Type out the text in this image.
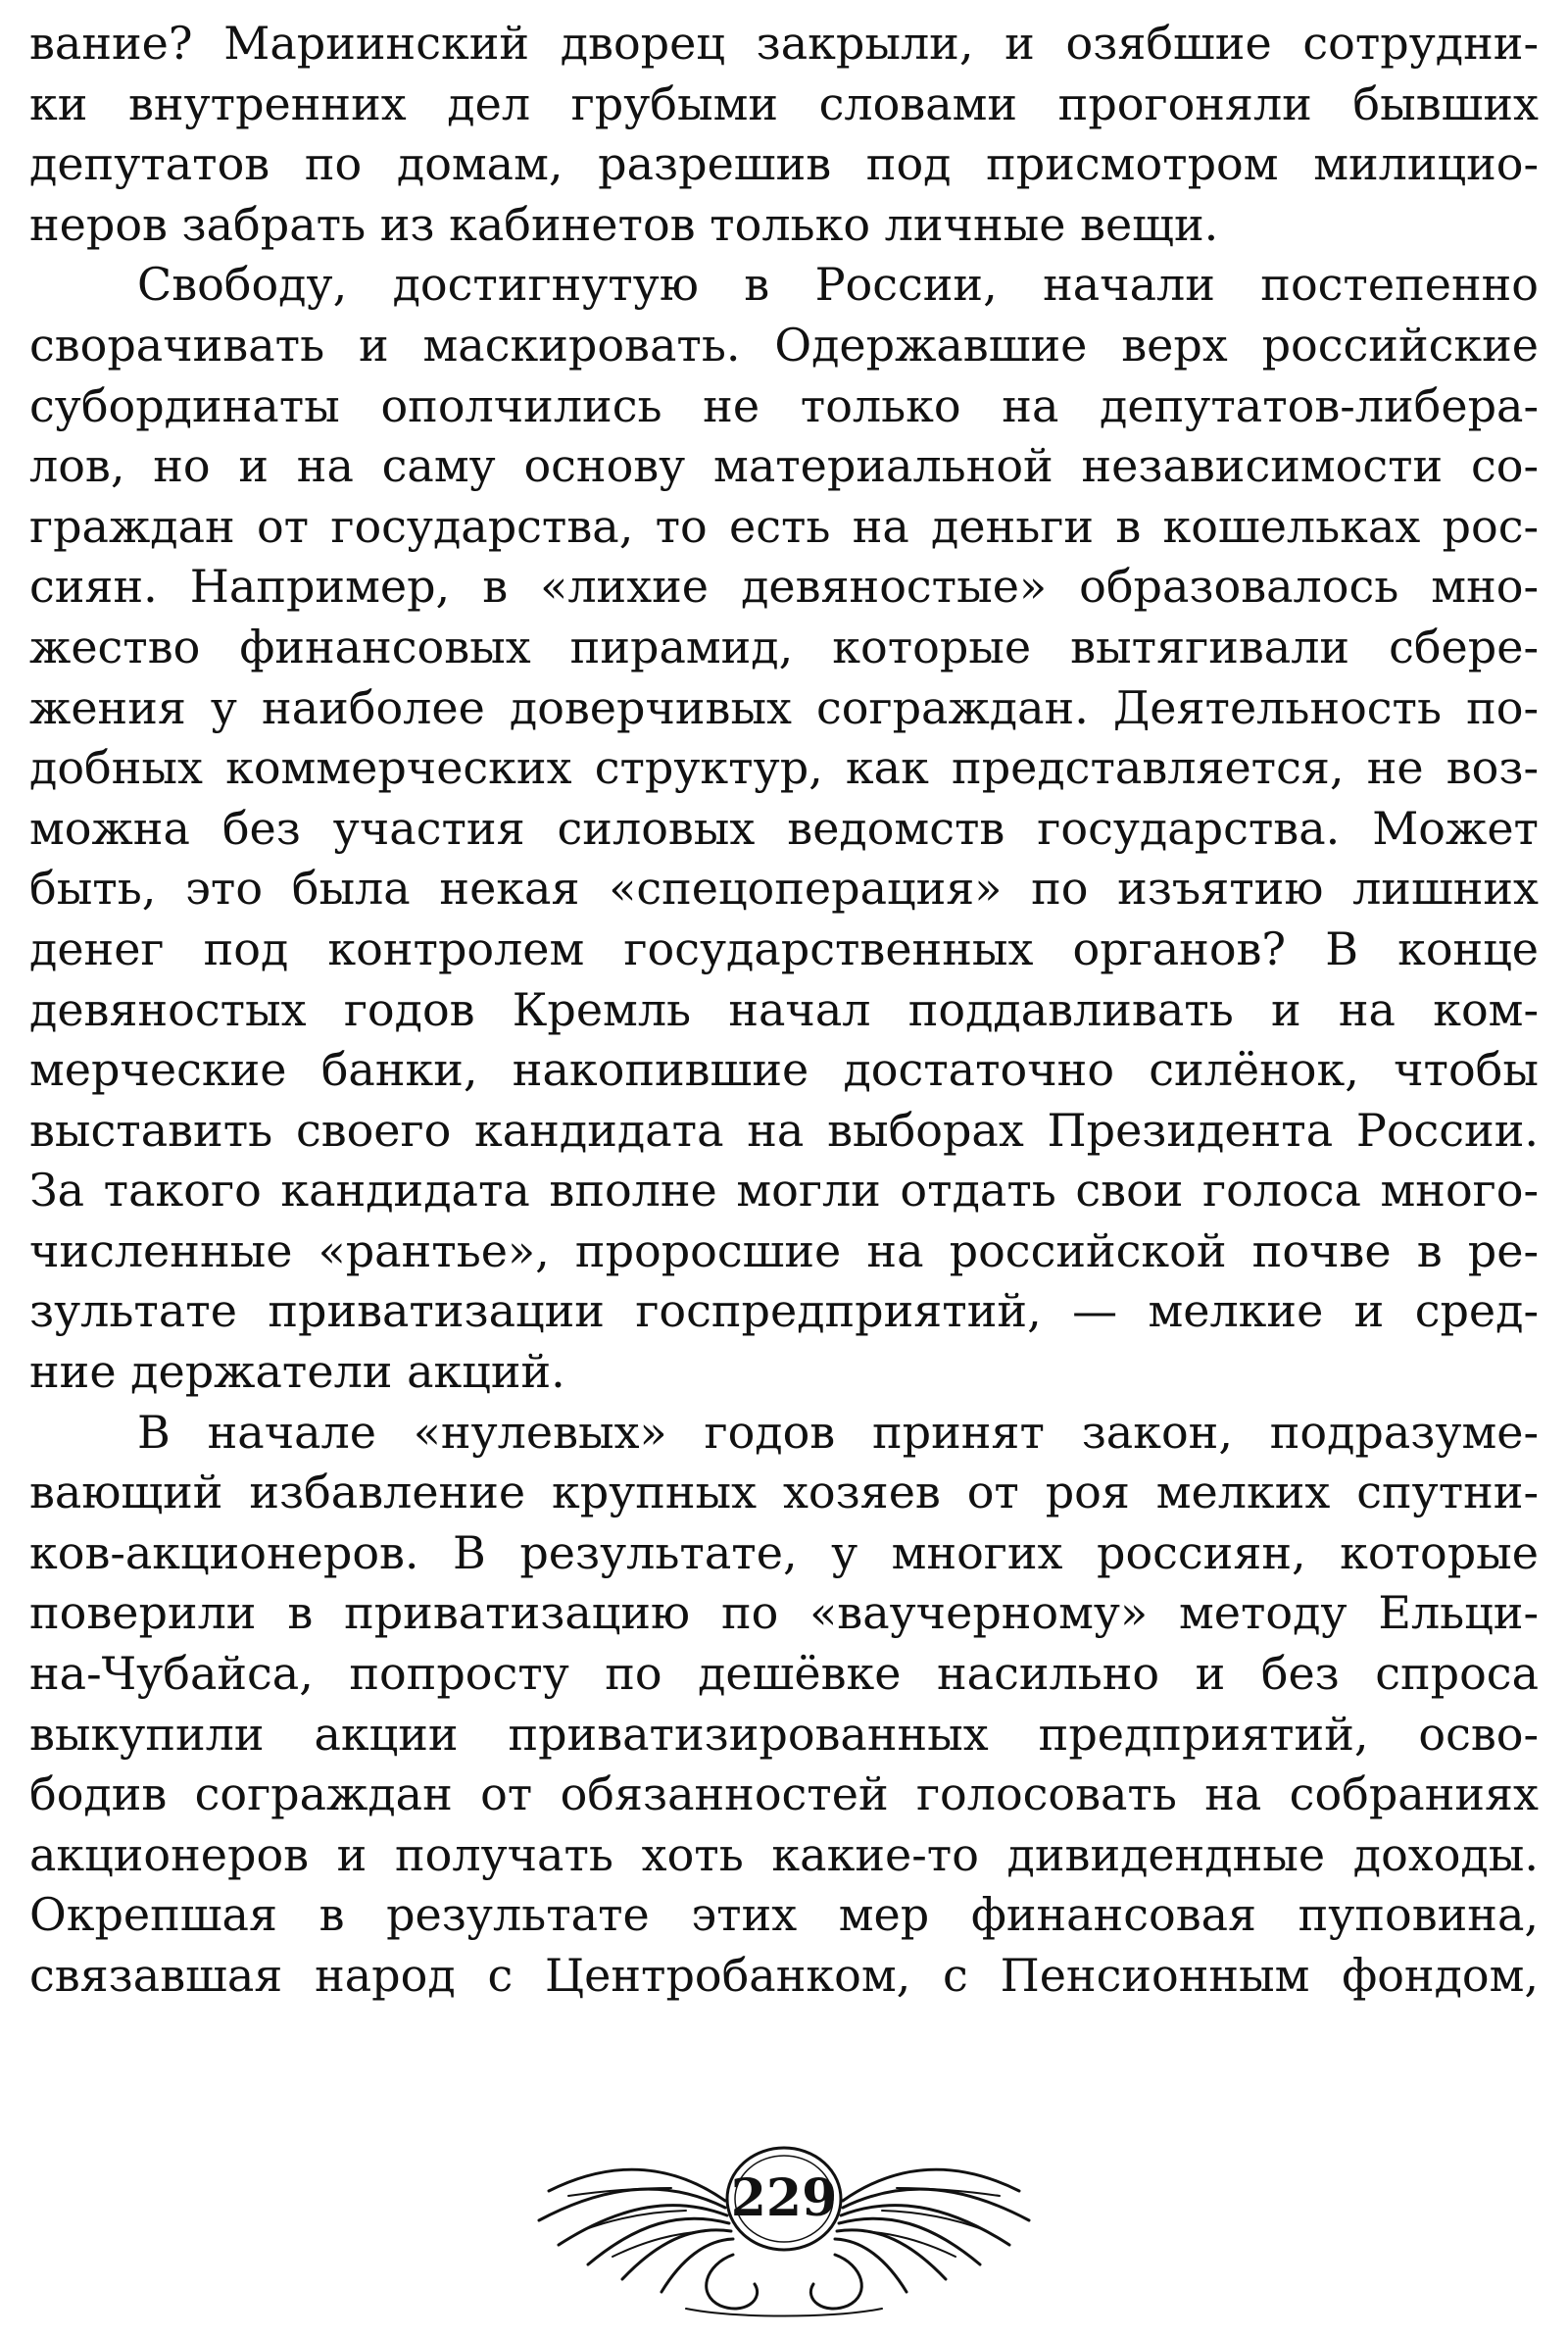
вание? Мариинский дворец закрыли, и озябшие сотрудни-
ки внутренних дел грубыми словами прогоняли бывших
депутатов по домам, разрешив под присмотром милицио-
неров забрать из кабинетов только личные вещи.
Свободу, достигнутую в России, начали постепенно
сворачивать и маскировать. Одержавшие верх российские
субординаты ополчились не только на депутатов-либера-
лов, но и на саму основу материальной независимости со-
граждан от государства, то есть на деньги в кошельках рос-
сиян. Например, в «лихие девяностые» образовалось мно-
жество финансовых пирамид, которые вытягивали сбере-
жения у наиболее доверчивых сограждан. Деятельность по-
добных коммерческих структур, как представляется, не воз-
можна без участия силовых ведомств государства. Может
быть, это была некая «спецоперация» по изъятию лишних
денег под контролем государственных органов? В конце
девяностых годов Кремль начал поддавливать и на ком-
мерческие банки, накопившие достаточно силёнок, чтобы
выставить своего кандидата на выборах Президента России.
За такого кандидата вполне могли отдать свои голоса много-
численные «рантье», проросшие на российской почве в ре-
зультате приватизации госпредприятий, — мелкие и сред-
ние держатели акций.
В начале «нулевых» годов принят закон, подразуме-
вающий избавление крупных хозяев от роя мелких спутни-
ков-акционеров. В результате, у многих россиян, которые
поверили в приватизацию по «ваучерному» методу Ельци-
на-Чубайса, попросту по дешёвке насильно и без спроса
выкупили акции приватизированных предприятий, осво-
бодив сограждан от обязанностей голосовать на собраниях
акционеров и получать хоть какие-то дивидендные доходы.
Окрепшая в результате этих мер финансовая пуповина,
связавшая народ с Центробанком, с Пенсионным фондом,
229
